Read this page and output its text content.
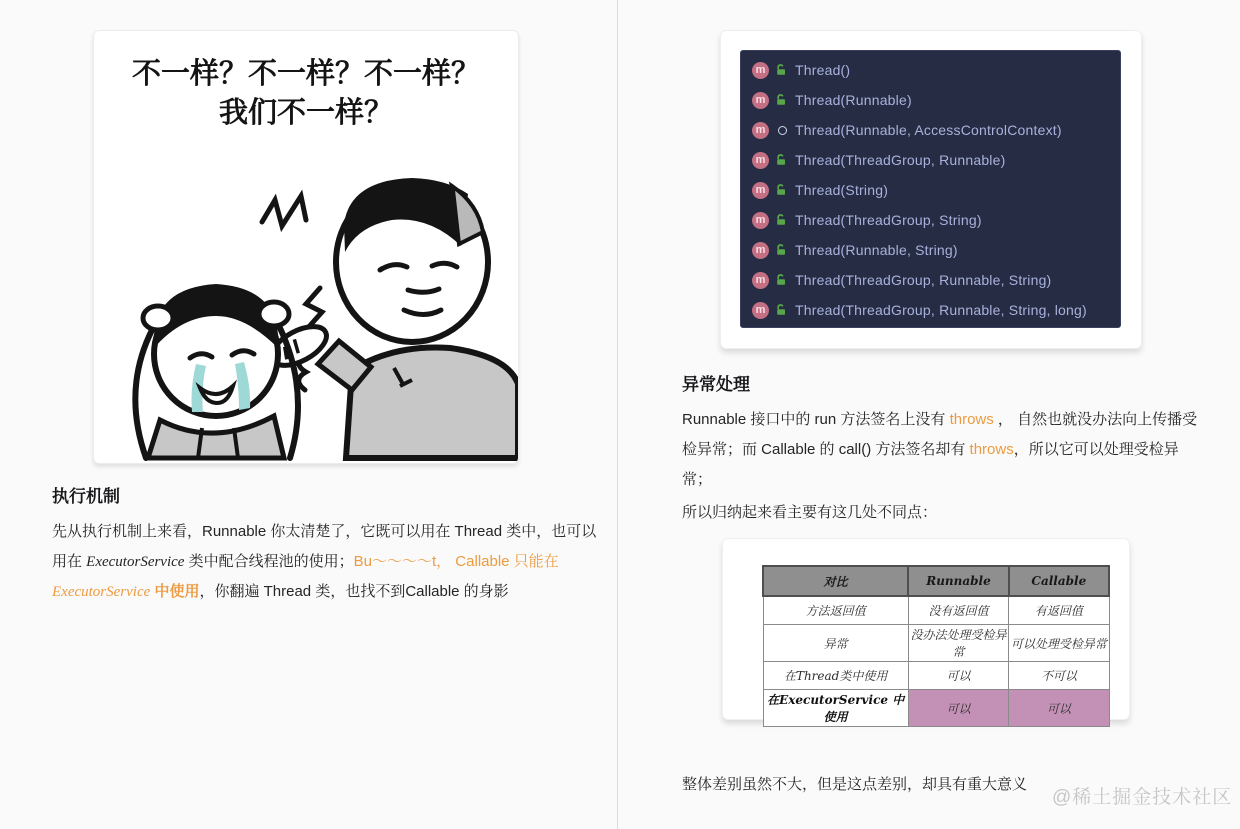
不一样？不一样？不一样？
我们不一样？
执行机制

先从执行机制上来看，Runnable 你太清楚了，它既可以用在 Thread 类中，也可以用在 ExecutorService 类中配合线程池的使用；Bu～～～～t， Callable 只能在 ExecutorService 中使用，你翻遍 Thread 类，也找不到Callable 的身影

m Thread()
m Thread(Runnable)
m Thread(Runnable, AccessControlContext)
m Thread(ThreadGroup, Runnable)
m Thread(String)
m Thread(ThreadGroup, String)
m Thread(Runnable, String)
m Thread(ThreadGroup, Runnable, String)
m Thread(ThreadGroup, Runnable, String, long)
异常处理

Runnable 接口中的 run 方法签名上没有 throws ， 自然也就没办法向上传播受检异常；而 Callable 的 call() 方法签名却有 throws，所以它可以处理受检异常；

所以归纳起来看主要有这几处不同点：

对比	Runnable	Callable
方法返回值	没有返回值	有返回值
异常	没办法处理受检异常	可以处理受检异常
在Thread类中使用	可以	不可以
在ExecutorService 中使用	可以	可以

整体差别虽然不大，但是这点差别，却具有重大意义

@稀土掘金技术社区
